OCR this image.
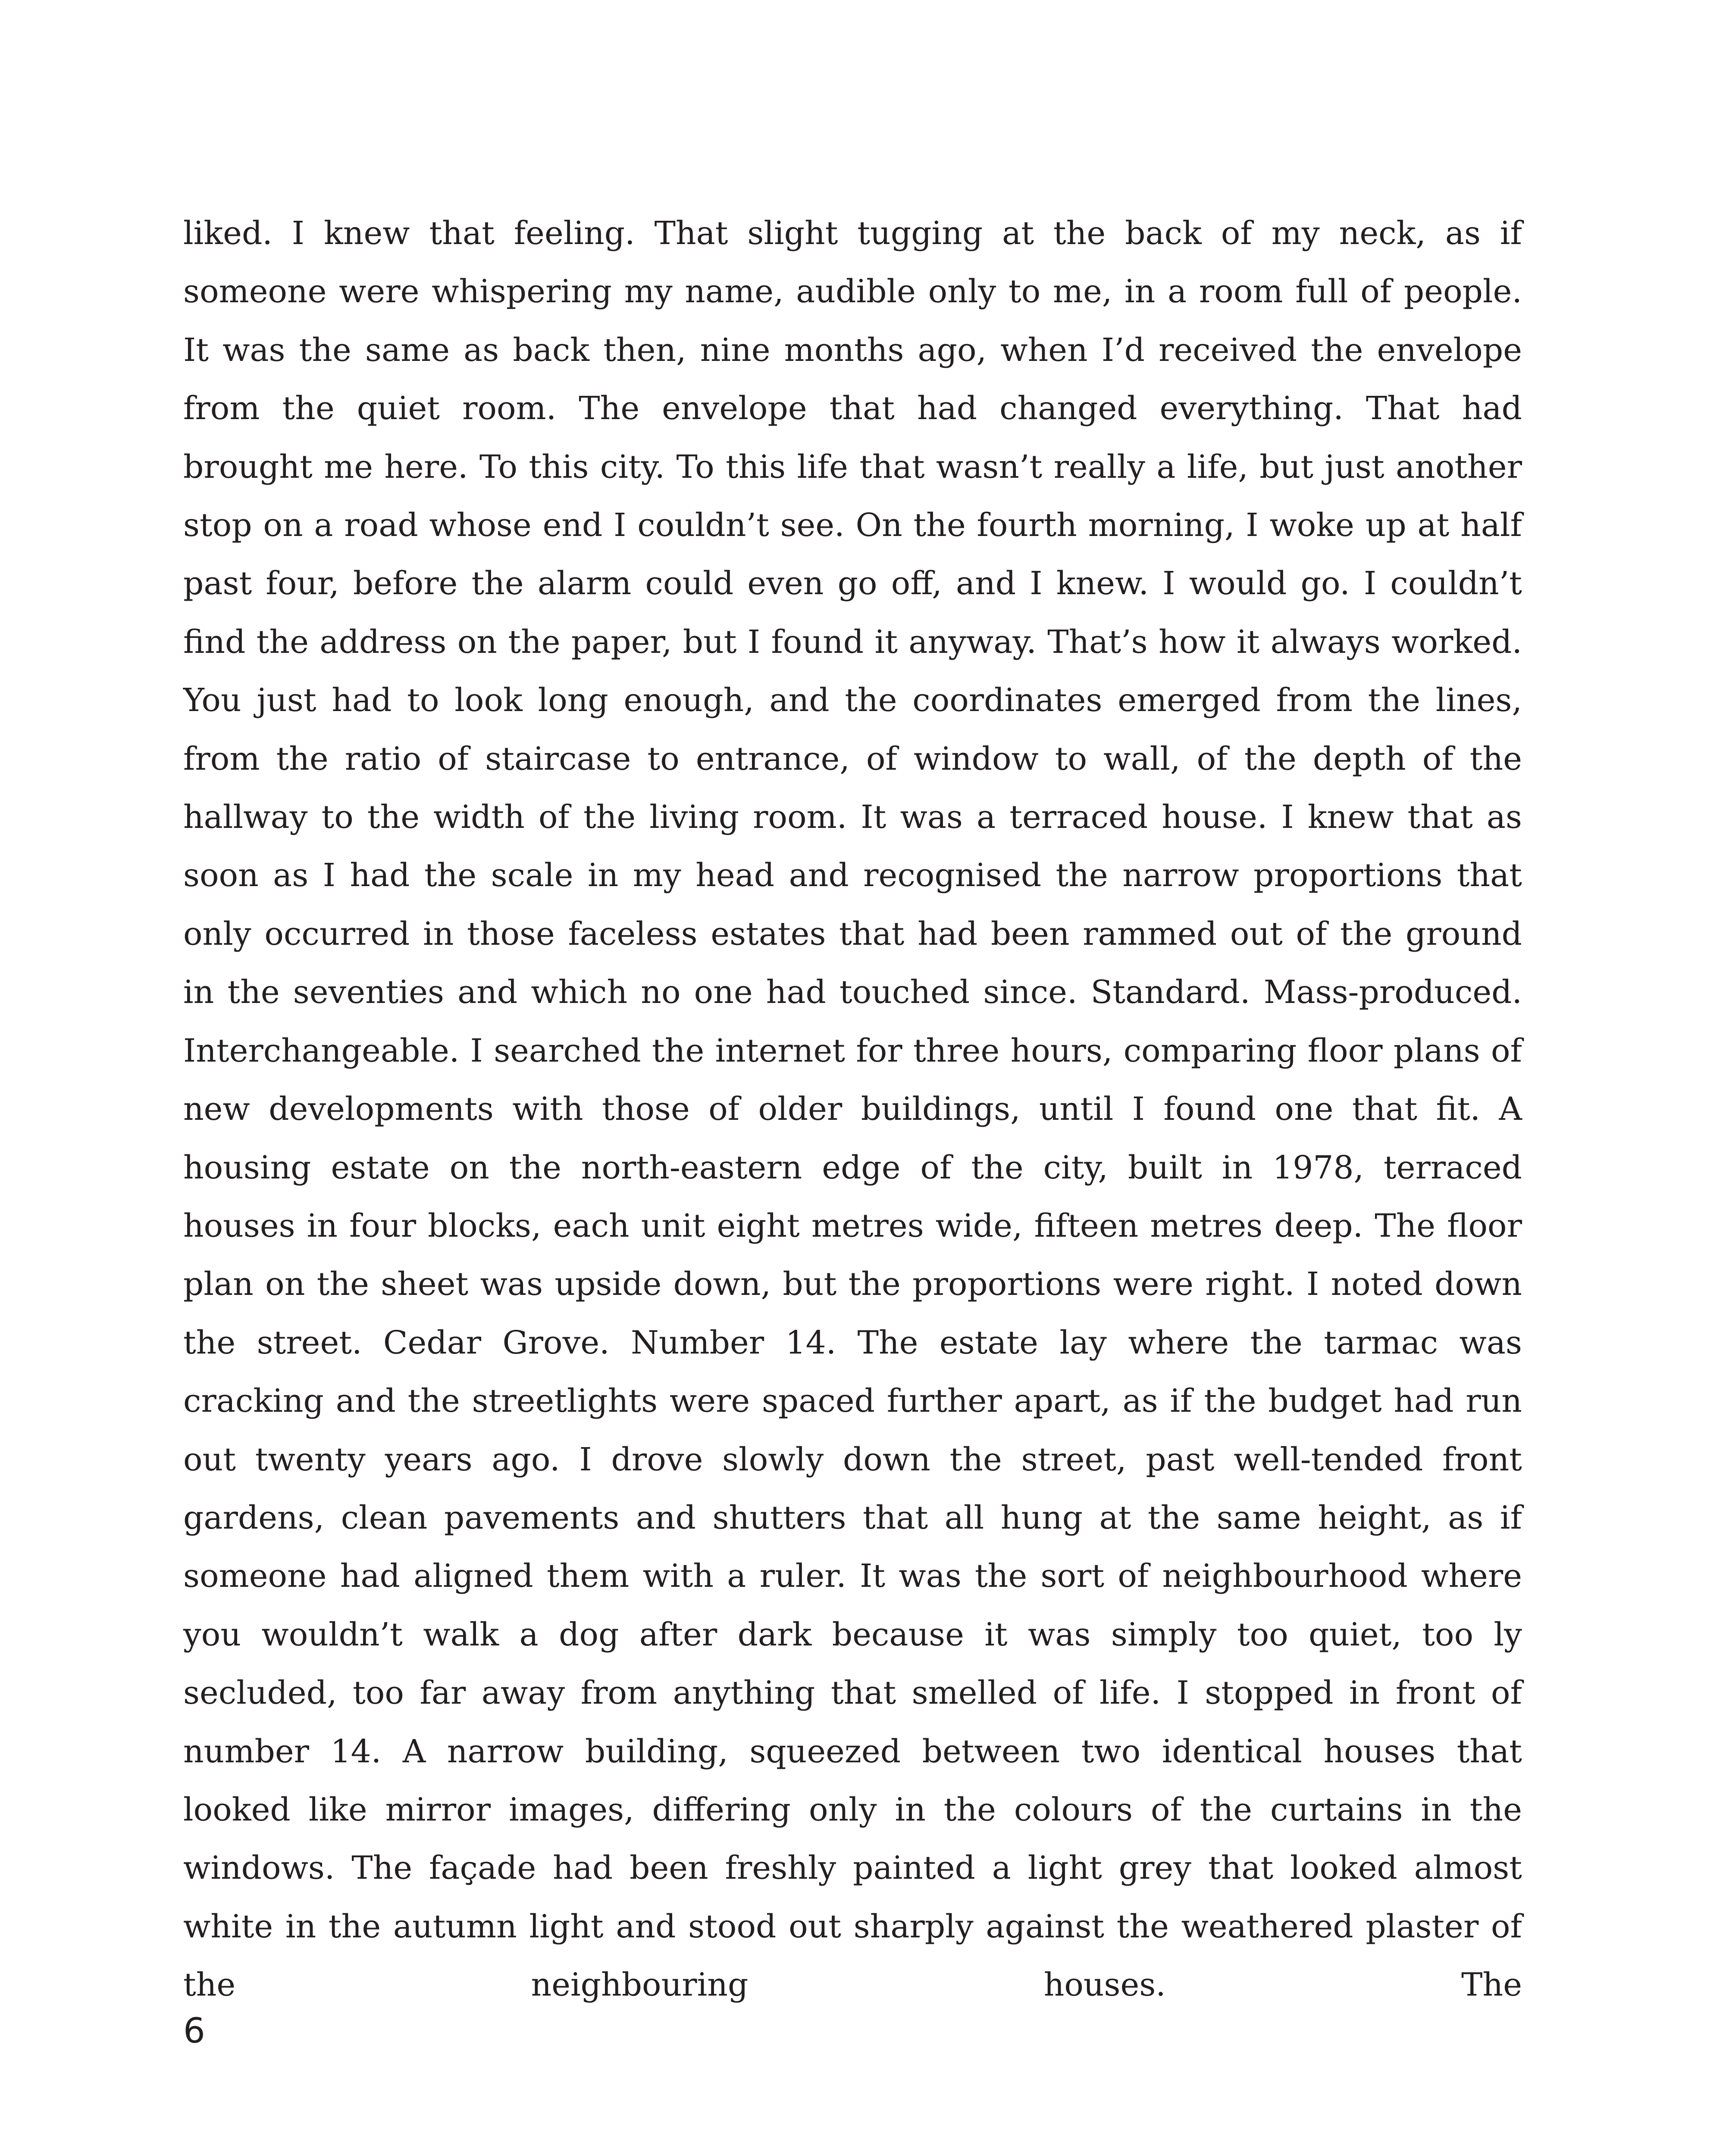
liked. I knew that feeling. That slight tugging at the back of my neck, as if someone were whispering my name, audible only to me, in a room full of people. It was the same as back then, nine months ago, when I’d received the envelope from the quiet room. The envelope that had changed everything. That had brought me here. To this city. To this life that wasn’t really a life, but just another stop on a road whose end I couldn’t see. On the fourth morning, I woke up at half past four, before the alarm could even go off, and I knew. I would go. I couldn’t find the address on the paper, but I found it anyway. That’s how it always worked. You just had to look long enough, and the coordinates emerged from the lines, from the ratio of staircase to entrance, of window to wall, of the depth of the hallway to the width of the living room. It was a terraced house. I knew that as soon as I had the scale in my head and recognised the narrow proportions that only occurred in those faceless estates that had been rammed out of the ground in the seventies and which no one had touched since. Standard. Mass-produced. Interchangeable. I searched the internet for three hours, comparing floor plans of new developments with those of older buildings, until I found one that fit. A housing estate on the north-eastern edge of the city, built in 1978, terraced houses in four blocks, each unit eight metres wide, fifteen metres deep. The floor plan on the sheet was upside down, but the proportions were right. I noted down the street. Cedar Grove. Number 14. The estate lay where the tarmac was cracking and the streetlights were spaced further apart, as if the budget had run out twenty years ago. I drove slowly down the street, past well-tended front gardens, clean pavements and shutters that all hung at the same height, as if someone had aligned them with a ruler. It was the sort of neighbourhood where you wouldn’t walk a dog after dark because it was simply too quiet, too ly secluded, too far away from anything that smelled of life. I stopped in front of number 14. A narrow building, squeezed between two identical houses that looked like mirror images, differing only in the colours of the curtains in the windows. The façade had been freshly painted a light grey that looked almost white in the autumn light and stood out sharply against the weathered plaster of the neighbouring houses. The

6
